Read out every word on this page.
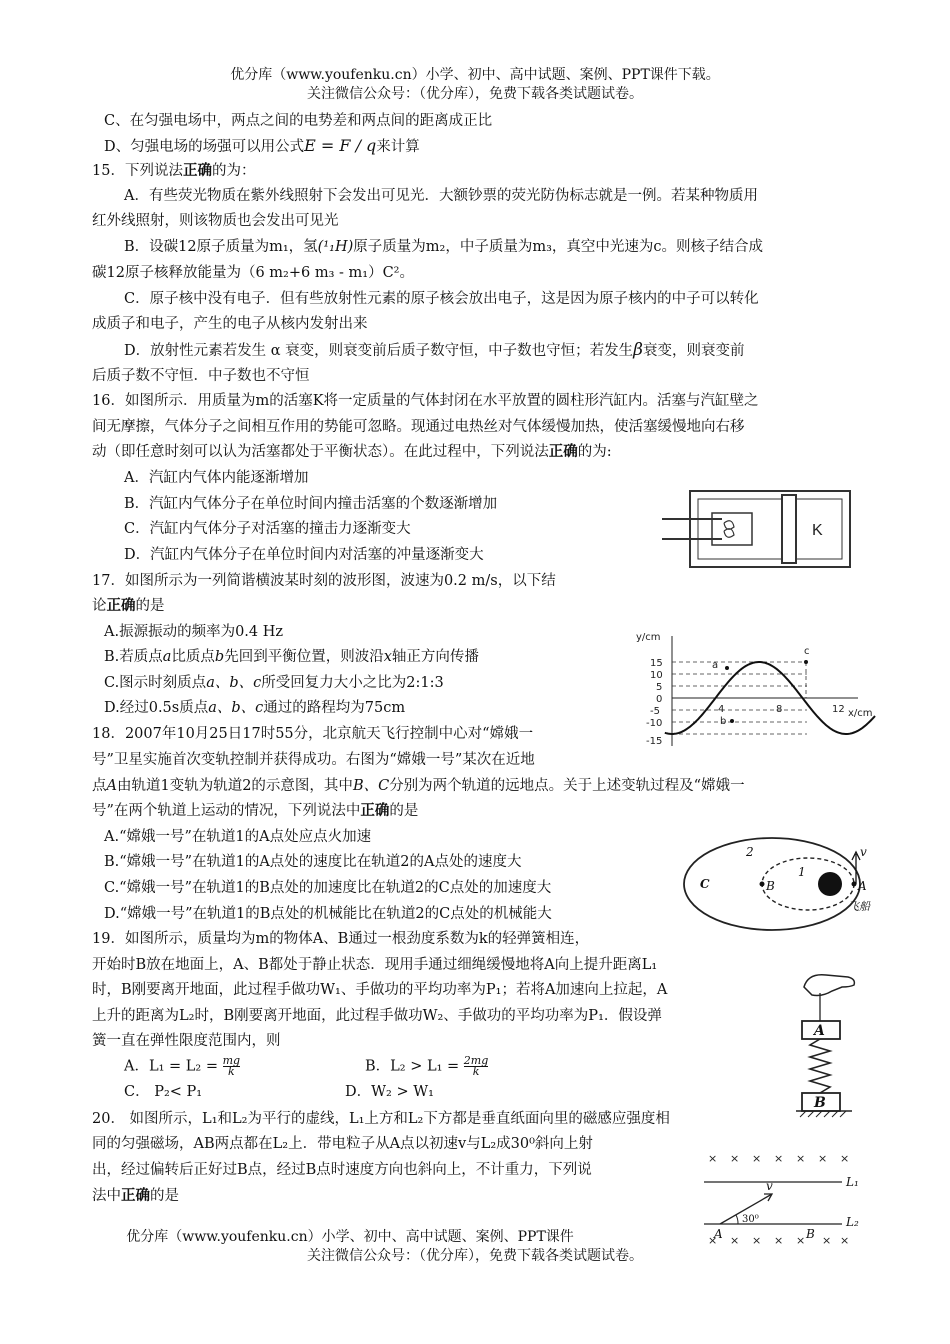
优分库（www.youfenku.cn）小学、初中、高中试题、案例、PPT课件下载。
关注微信公众号：（优分库），免费下载各类试题试卷。
C、在匀强电场中，两点之间的电势差和两点间的距离成正比
D、匀强电场的场强可以用公式E = F / q来计算
15．下列说法正确的为：
A．有些荧光物质在紫外线照射下会发出可见光．大额钞票的荧光防伪标志就是一例。若某种物质用
红外线照射，则该物质也会发出可见光
B．设碳12原子质量为m₁，氢(¹₁H)原子质量为m₂，中子质量为m₃，真空中光速为c。则核子结合成
碳12原子核释放能量为（6 m₂+6 m₃ - m₁）C²。
C．原子核中没有电子．但有些放射性元素的原子核会放出电子，这是因为原子核内的中子可以转化
成质子和电子，产生的电子从核内发射出来
D．放射性元素若发生 α 衰变，则衰变前后质子数守恒，中子数也守恒；若发生β衰变，则衰变前
后质子数不守恒．中子数也不守恒
16．如图所示．用质量为m的活塞K将一定质量的气体封闭在水平放置的圆柱形汽缸内。活塞与汽缸壁之
间无摩擦，气体分子之间相互作用的势能可忽略。现通过电热丝对气体缓慢加热，使活塞缓慢地向右移
动（即任意时刻可以认为活塞都处于平衡状态）。在此过程中，下列说法正确的为:
A．汽缸内气体内能逐渐增加
B．汽缸内气体分子在单位时间内撞击活塞的个数逐渐增加
C．汽缸内气体分子对活塞的撞击力逐渐变大
D．汽缸内气体分子在单位时间内对活塞的冲量逐渐变大
K
17．如图所示为一列简谐横波某时刻的波形图，波速为0.2 m/s，以下结
论正确的是
A.振源振动的频率为0.4 Hz
B.若质点a比质点b先回到平衡位置，则波沿x轴正方向传播
C.图示时刻质点a、b、c所受回复力大小之比为2:1:3
D.经过0.5s质点a、b、c通过的路程均为75cm
y/cm
x/cm
15
10
5
0
-5
-10
-15
4	8	12
a
b
c
18．2007年10月25日17时55分，北京航天飞行控制中心对“嫦娥一
号”卫星实施首次变轨控制并获得成功。右图为“嫦娥一号”某次在近地
点A由轨道1变轨为轨道2的示意图，其中B、C分别为两个轨道的远地点。关于上述变轨过程及“嫦娥一
号”在两个轨道上运动的情况，下列说法中正确的是
A.“嫦娥一号”在轨道1的A点处应点火加速
B.“嫦娥一号”在轨道1的A点处的速度比在轨道2的A点处的速度大
C.“嫦娥一号”在轨道1的B点处的加速度比在轨道2的C点处的加速度大
D.“嫦娥一号”在轨道1的B点处的机械能比在轨道2的C点处的机械能大
2
1
A
B
C
v
飞船
19．如图所示，质量均为m的物体A、B通过一根劲度系数为k的轻弹簧相连，
开始时B放在地面上，A、B都处于静止状态．现用手通过细绳缓慢地将A向上提升距离L₁
时，B刚要离开地面，此过程手做功W₁、手做功的平均功率为P₁；若将A加速向上拉起，A
上升的距离为L₂时，B刚要离开地面，此过程手做功W₂、手做功的平均功率为P₁．假设弹
簧一直在弹性限度范围内，则
A．$L_1 = L_2 = \frac{mg}{k}$	B．$L_2 > L_1 = \frac{2mg}{k}$
C． P₂< P₁	D．W₂ > W₁
A
B
20． 如图所示，L₁和L₂为平行的虚线，L₁上方和L₂下方都是垂直纸面向里的磁感应强度相
同的匀强磁场，AB两点都在L₂上．带电粒子从A点以初速v与L₂成30⁰斜向上射
出，经过偏转后正好过B点，经过B点时速度方向也斜向上，不计重力，下列说
法中正确的是
× × × × × × ×
× × × × × × ×
L₁
L₂
A	B
v
30⁰
优分库（www.youfenku.cn）小学、初中、高中试题、案例、PPT课件
关注微信公众号：（优分库），免费下载各类试题试卷。
